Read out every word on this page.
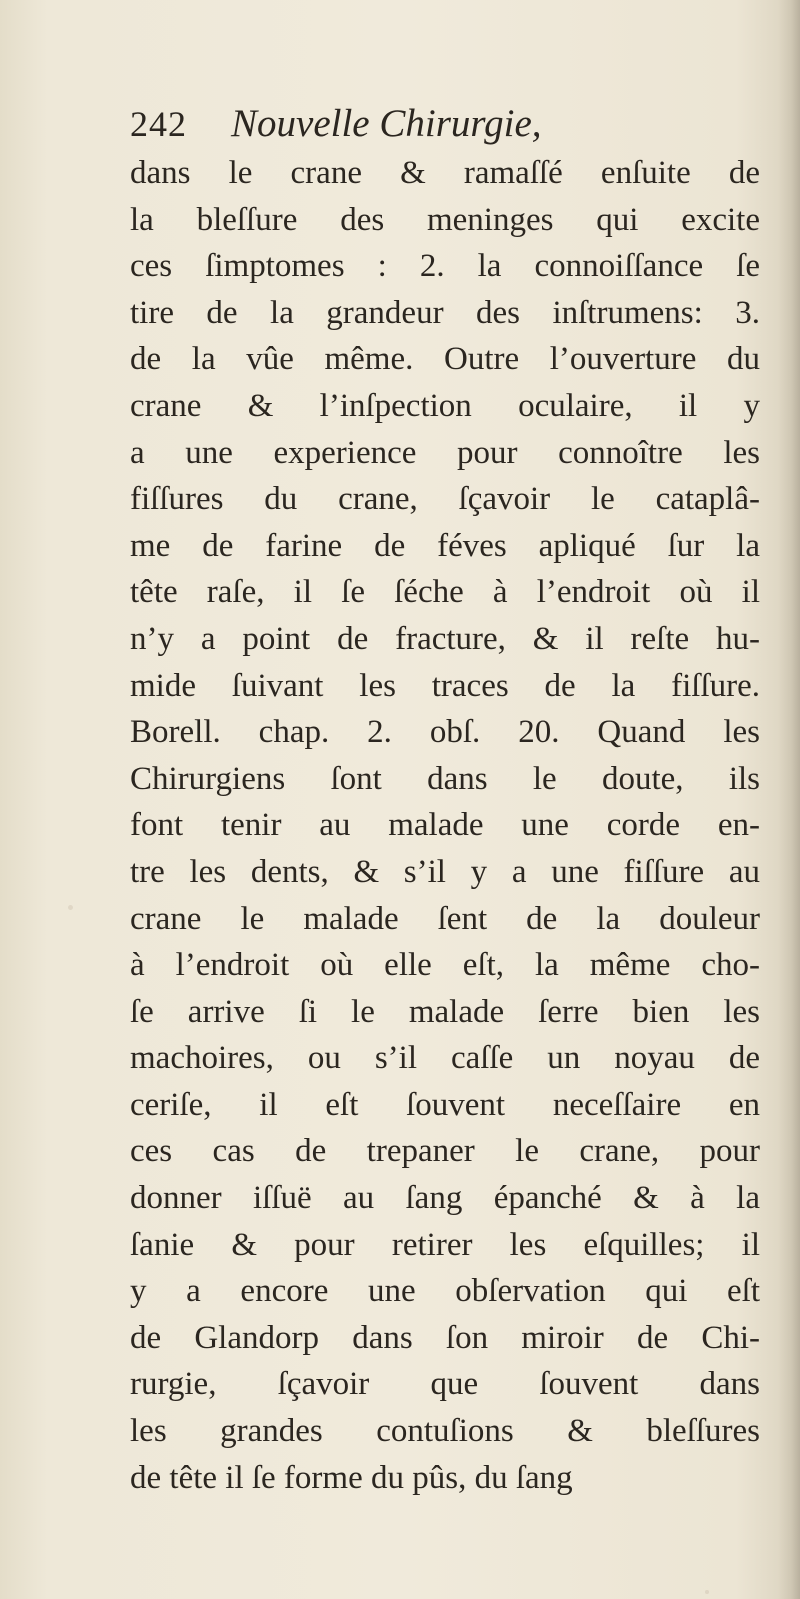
242 Nouvelle Chirurgie,
dans le crane & ramaſſé enſuite de
la bleſſure des meninges qui excite
ces ſimptomes : 2. la connoiſſance ſe
tire de la grandeur des inſtrumens: 3.
de la vûe même. Outre l’ouverture du
crane & l’inſpection oculaire, il y
a une experience pour connoître les
fiſſures du crane, ſçavoir le cataplâ-
me de farine de féves apliqué ſur la
tête raſe, il ſe ſéche à l’endroit où il
n’y a point de fracture, & il reſte hu-
mide ſuivant les traces de la fiſſure.
Borell. chap. 2. obſ. 20. Quand les
Chirurgiens ſont dans le doute, ils
font tenir au malade une corde en-
tre les dents, & s’il y a une fiſſure au
crane le malade ſent de la douleur
à l’endroit où elle eſt, la même cho-
ſe arrive ſi le malade ſerre bien les
machoires, ou s’il caſſe un noyau de
ceriſe, il eſt ſouvent neceſſaire en
ces cas de trepaner le crane, pour
donner iſſuë au ſang épanché & à la
ſanie & pour retirer les eſquilles; il
y a encore une obſervation qui eſt
de Glandorp dans ſon miroir de Chi-
rurgie, ſçavoir que ſouvent dans
les grandes contuſions & bleſſures
de tête il ſe forme du pûs, du ſang
